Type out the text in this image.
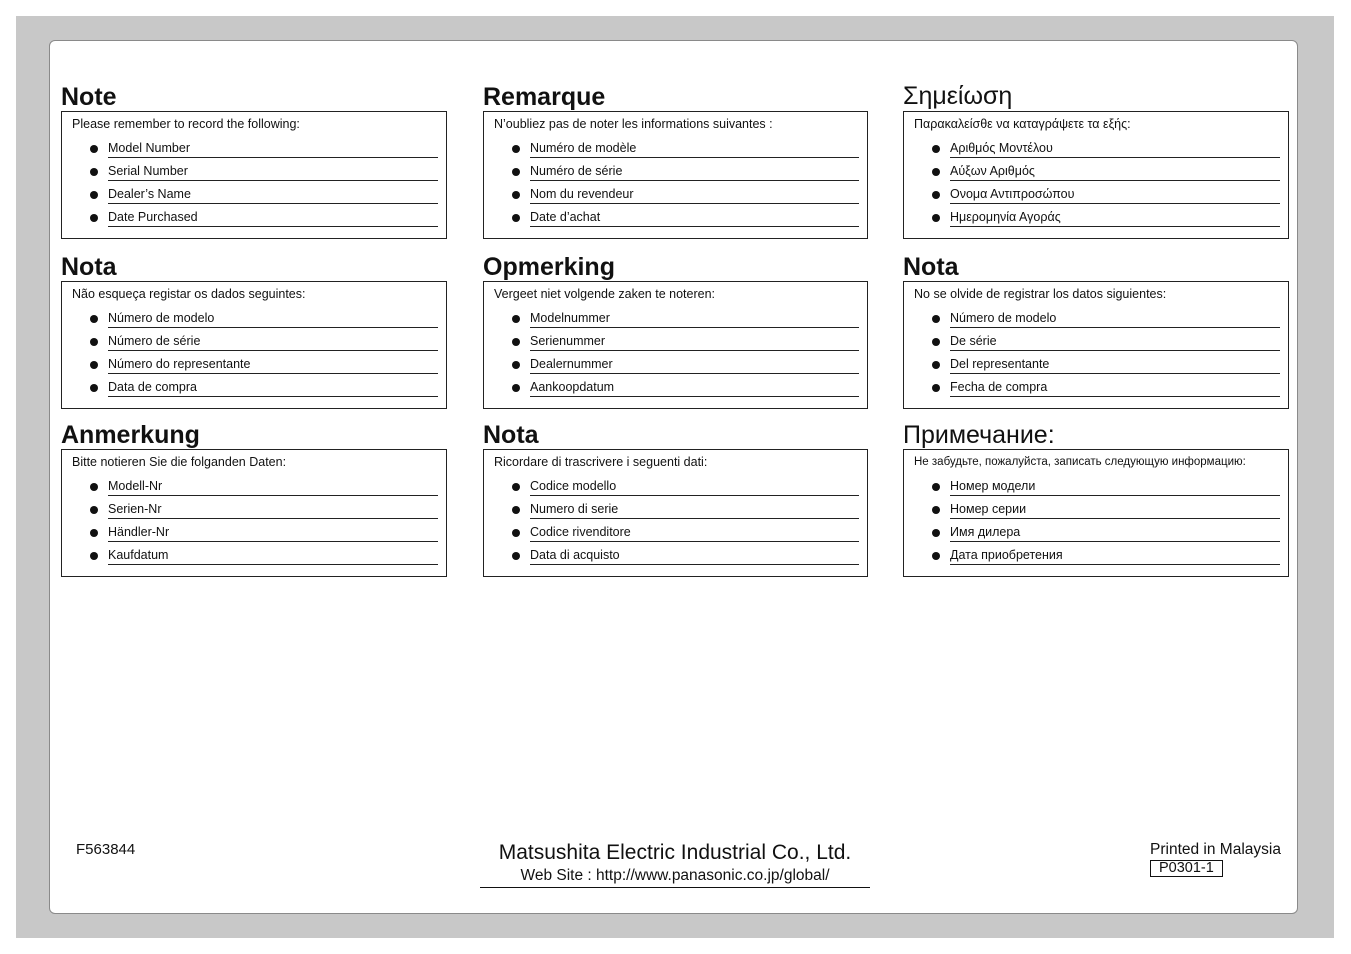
Note
Please remember to record the following:
Model Number
Serial Number
Dealer’s Name
Date Purchased
Remarque
N’oubliez pas de noter les informations suivantes :
Numéro de modèle
Numéro de série
Nom du revendeur
Date d’achat
Σημείωση
Παρακαλείσθε να καταγράψετε τα εξής:
Αριθμός Μοντέλου
Αύξων Αριθμός
Ονομα Αντιπροσώπου
Ημερομηνία Αγοράς
Nota
Não esqueça registar os dados seguintes:
Número de modelo
Número de série
Número do representante
Data de compra
Opmerking
Vergeet niet volgende zaken te noteren:
Modelnummer
Serienummer
Dealernummer
Aankoopdatum
Nota
No se olvide de registrar los datos siguientes:
Número de modelo
De série
Del representante
Fecha de compra
Anmerkung
Bitte notieren Sie die folganden Daten:
Modell-Nr
Serien-Nr
Händler-Nr
Kaufdatum
Nota
Ricordare di trascrivere i seguenti dati:
Codice modello
Numero di serie
Codice rivenditore
Data di acquisto
Примечание:
Не забудьте, пожалуйста, записать следующую информацию:
Номер модели
Номер серии
Имя дилера
Дата приобретения
F563844	Matsushita Electric Industrial Co., Ltd.
Web Site : http://www.panasonic.co.jp/global/
Printed in Malaysia
P0301-1
